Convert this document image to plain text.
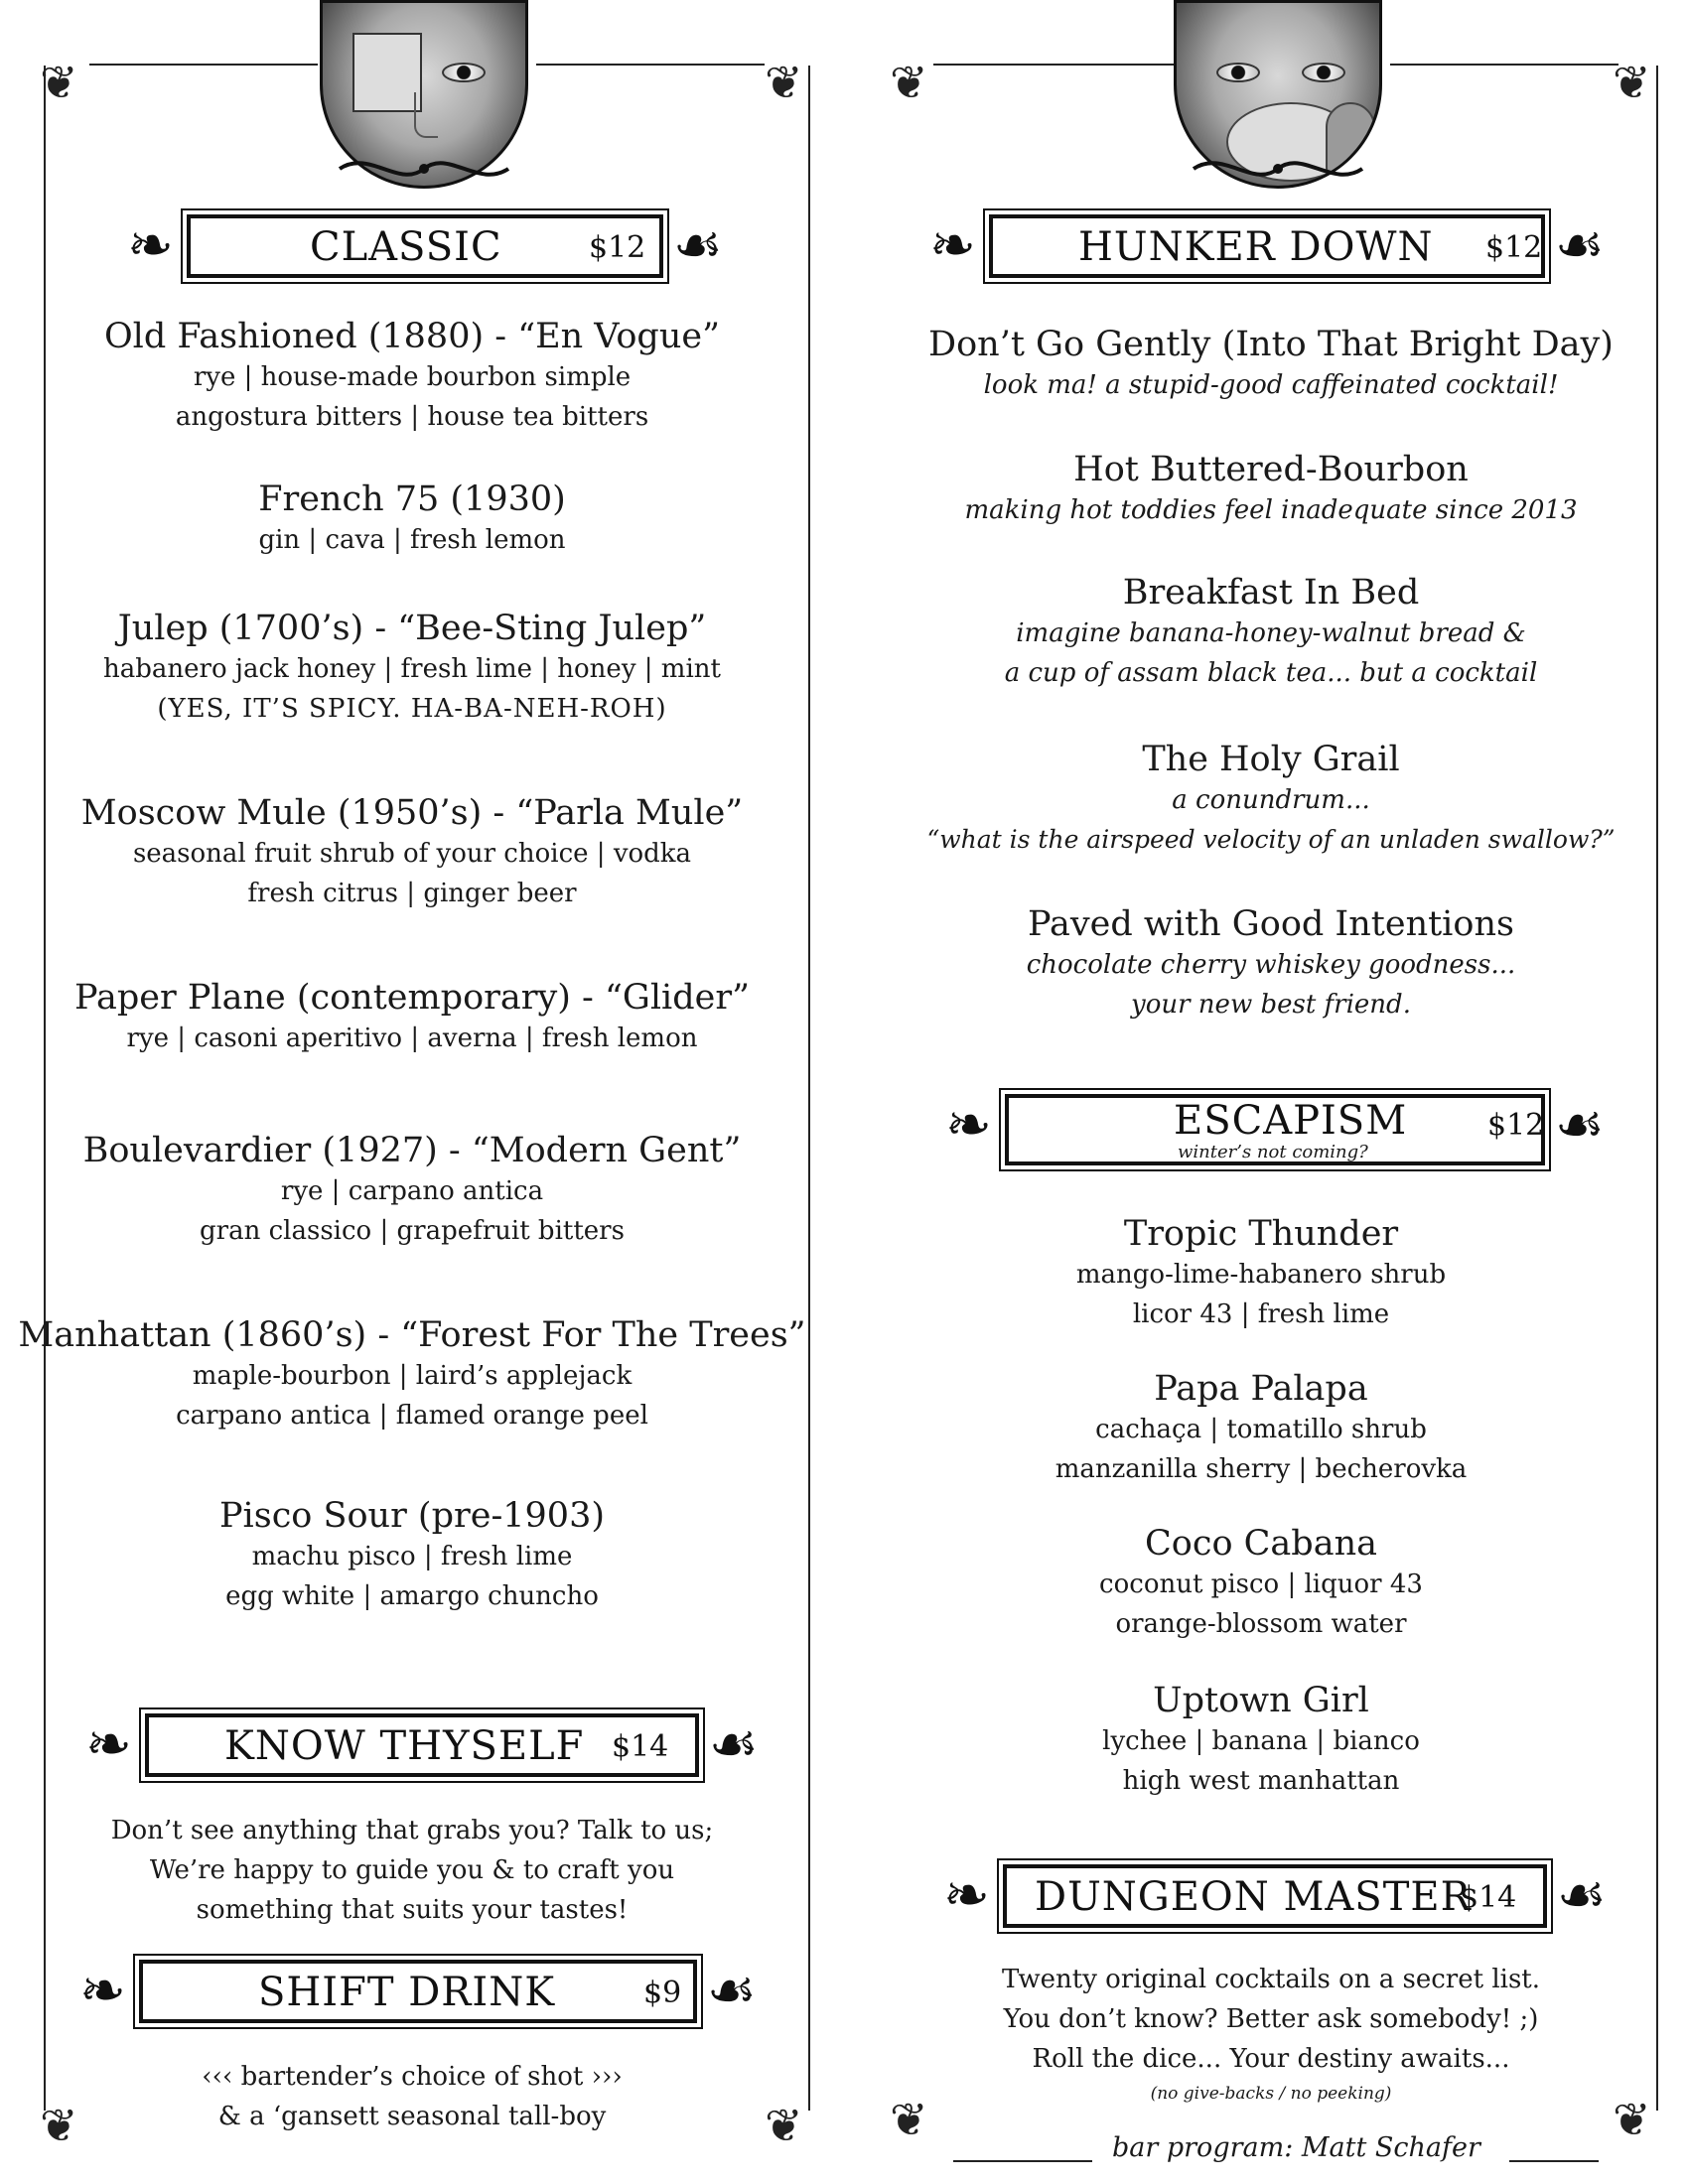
❦	❦
❦	❦
❧	CLASSIC	$12 ☙
Old Fashioned (1880) - “En Vogue”
rye | house-made bourbon simple
angostura bitters | house tea bitters
French 75 (1930)
gin | cava | fresh lemon
Julep (1700’s) - “Bee-Sting Julep”
habanero jack honey | fresh lime | honey | mint
(YES, IT’S SPICY. HA-BA-NEH-ROH)
Moscow Mule (1950’s) - “Parla Mule”
seasonal fruit shrub of your choice | vodka
fresh citrus | ginger beer
Paper Plane (contemporary) - “Glider”
rye | casoni aperitivo | averna | fresh lemon
Boulevardier (1927) - “Modern Gent”
rye | carpano antica
gran classico | grapefruit bitters
Manhattan (1860’s) - “Forest For The Trees”
maple-bourbon | laird’s applejack
carpano antica | flamed orange peel
Pisco Sour (pre-1903)
machu pisco | fresh lime
egg white | amargo chuncho
❧ KNOW THYSELF $14 ☙
Don’t see anything that grabs you? Talk to us;
We’re happy to guide you & to craft you
something that suits your tastes!
❧	SHIFT DRINK	$9 ☙
‹‹‹ bartender’s choice of shot ›››
& a ‘gansett seasonal tall-boy
❦	❦
❦	❦
❧	HUNKER DOWN $12 ☙
Don’t Go Gently (Into That Bright Day)
look ma! a stupid-good caffeinated cocktail!
Hot Buttered-Bourbon
making hot toddies feel inadequate since 2013
Breakfast In Bed
imagine banana-honey-walnut bread &
a cup of assam black tea... but a cocktail
The Holy Grail
a conundrum...
“what is the airspeed velocity of an unladen swallow?”
Paved with Good Intentions
chocolate cherry whiskey goodness...
your new best friend.
❧	ESCAPISM
winter’s not coming?
$12 ☙
Tropic Thunder
mango-lime-habanero shrub
licor 43 | fresh lime
Papa Palapa
cachaça | tomatillo shrub
manzanilla sherry | becherovka
Coco Cabana
coconut pisco | liquor 43
orange-blossom water
Uptown Girl
lychee | banana | bianco
high west manhattan
❧ DUNGEON MASTER
$14 ☙
Twenty original cocktails on a secret list.
You don’t know? Better ask somebody! ;)
Roll the dice... Your destiny awaits...
(no give-backs / no peeking)
bar program: Matt Schafer
